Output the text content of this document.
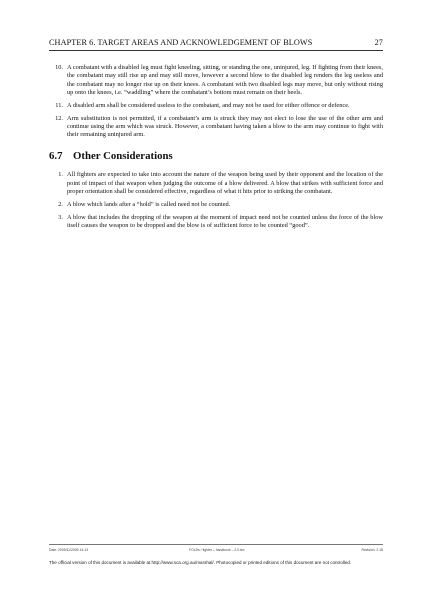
CHAPTER 6. TARGET AREAS AND ACKNOWLEDGEMENT OF BLOWS	27
10. A combatant with a disabled leg must fight kneeling, sitting, or standing the one, uninjured, leg. If fighting from their knees, the combatant may still rise up and may still move, however a second blow to the disabled leg renders the leg useless and the combatant may no longer rise up on their knees. A combatant with two disabled legs may move, but only without rising up onto the knees, i.e. “waddling” where the combatant’s bottom must remain on their heels.
11. A disabled arm shall be considered useless to the combatant, and may not be used for either offence or defence.
12. Arm substitution is not permitted, if a combatant’s arm is struck they may not elect to lose the use of the other arm and continue using the arm which was struck. However, a combatant having taken a blow to the arm may continue to fight with their remaining uninjured arm.
6.7 Other Considerations
1. All fighters are expected to take into account the nature of the weapon being used by their opponent and the location of the point of impact of that weapon when judging the outcome of a blow delivered. A blow that strikes with sufficient force and proper orientation shall be considered effective, regardless of what it hits prior to striking the combatant.
2. A blow which lands after a “hold” is called need not be counted.
3. A blow that includes the dropping of the weapon at the moment of impact need not be counted unless the force of the blow itself causes the weapon to be dropped and the blow is of sufficient force to be counted “good”.
Date: 2009/11/2005 14:13	FOLDs / fighter – handbook – 2.0.tex	Revision: 2.18
The official version of this document is available at http://www.sca.org.au/marshal/. Photocopied or printed editions of this document are not controlled.
